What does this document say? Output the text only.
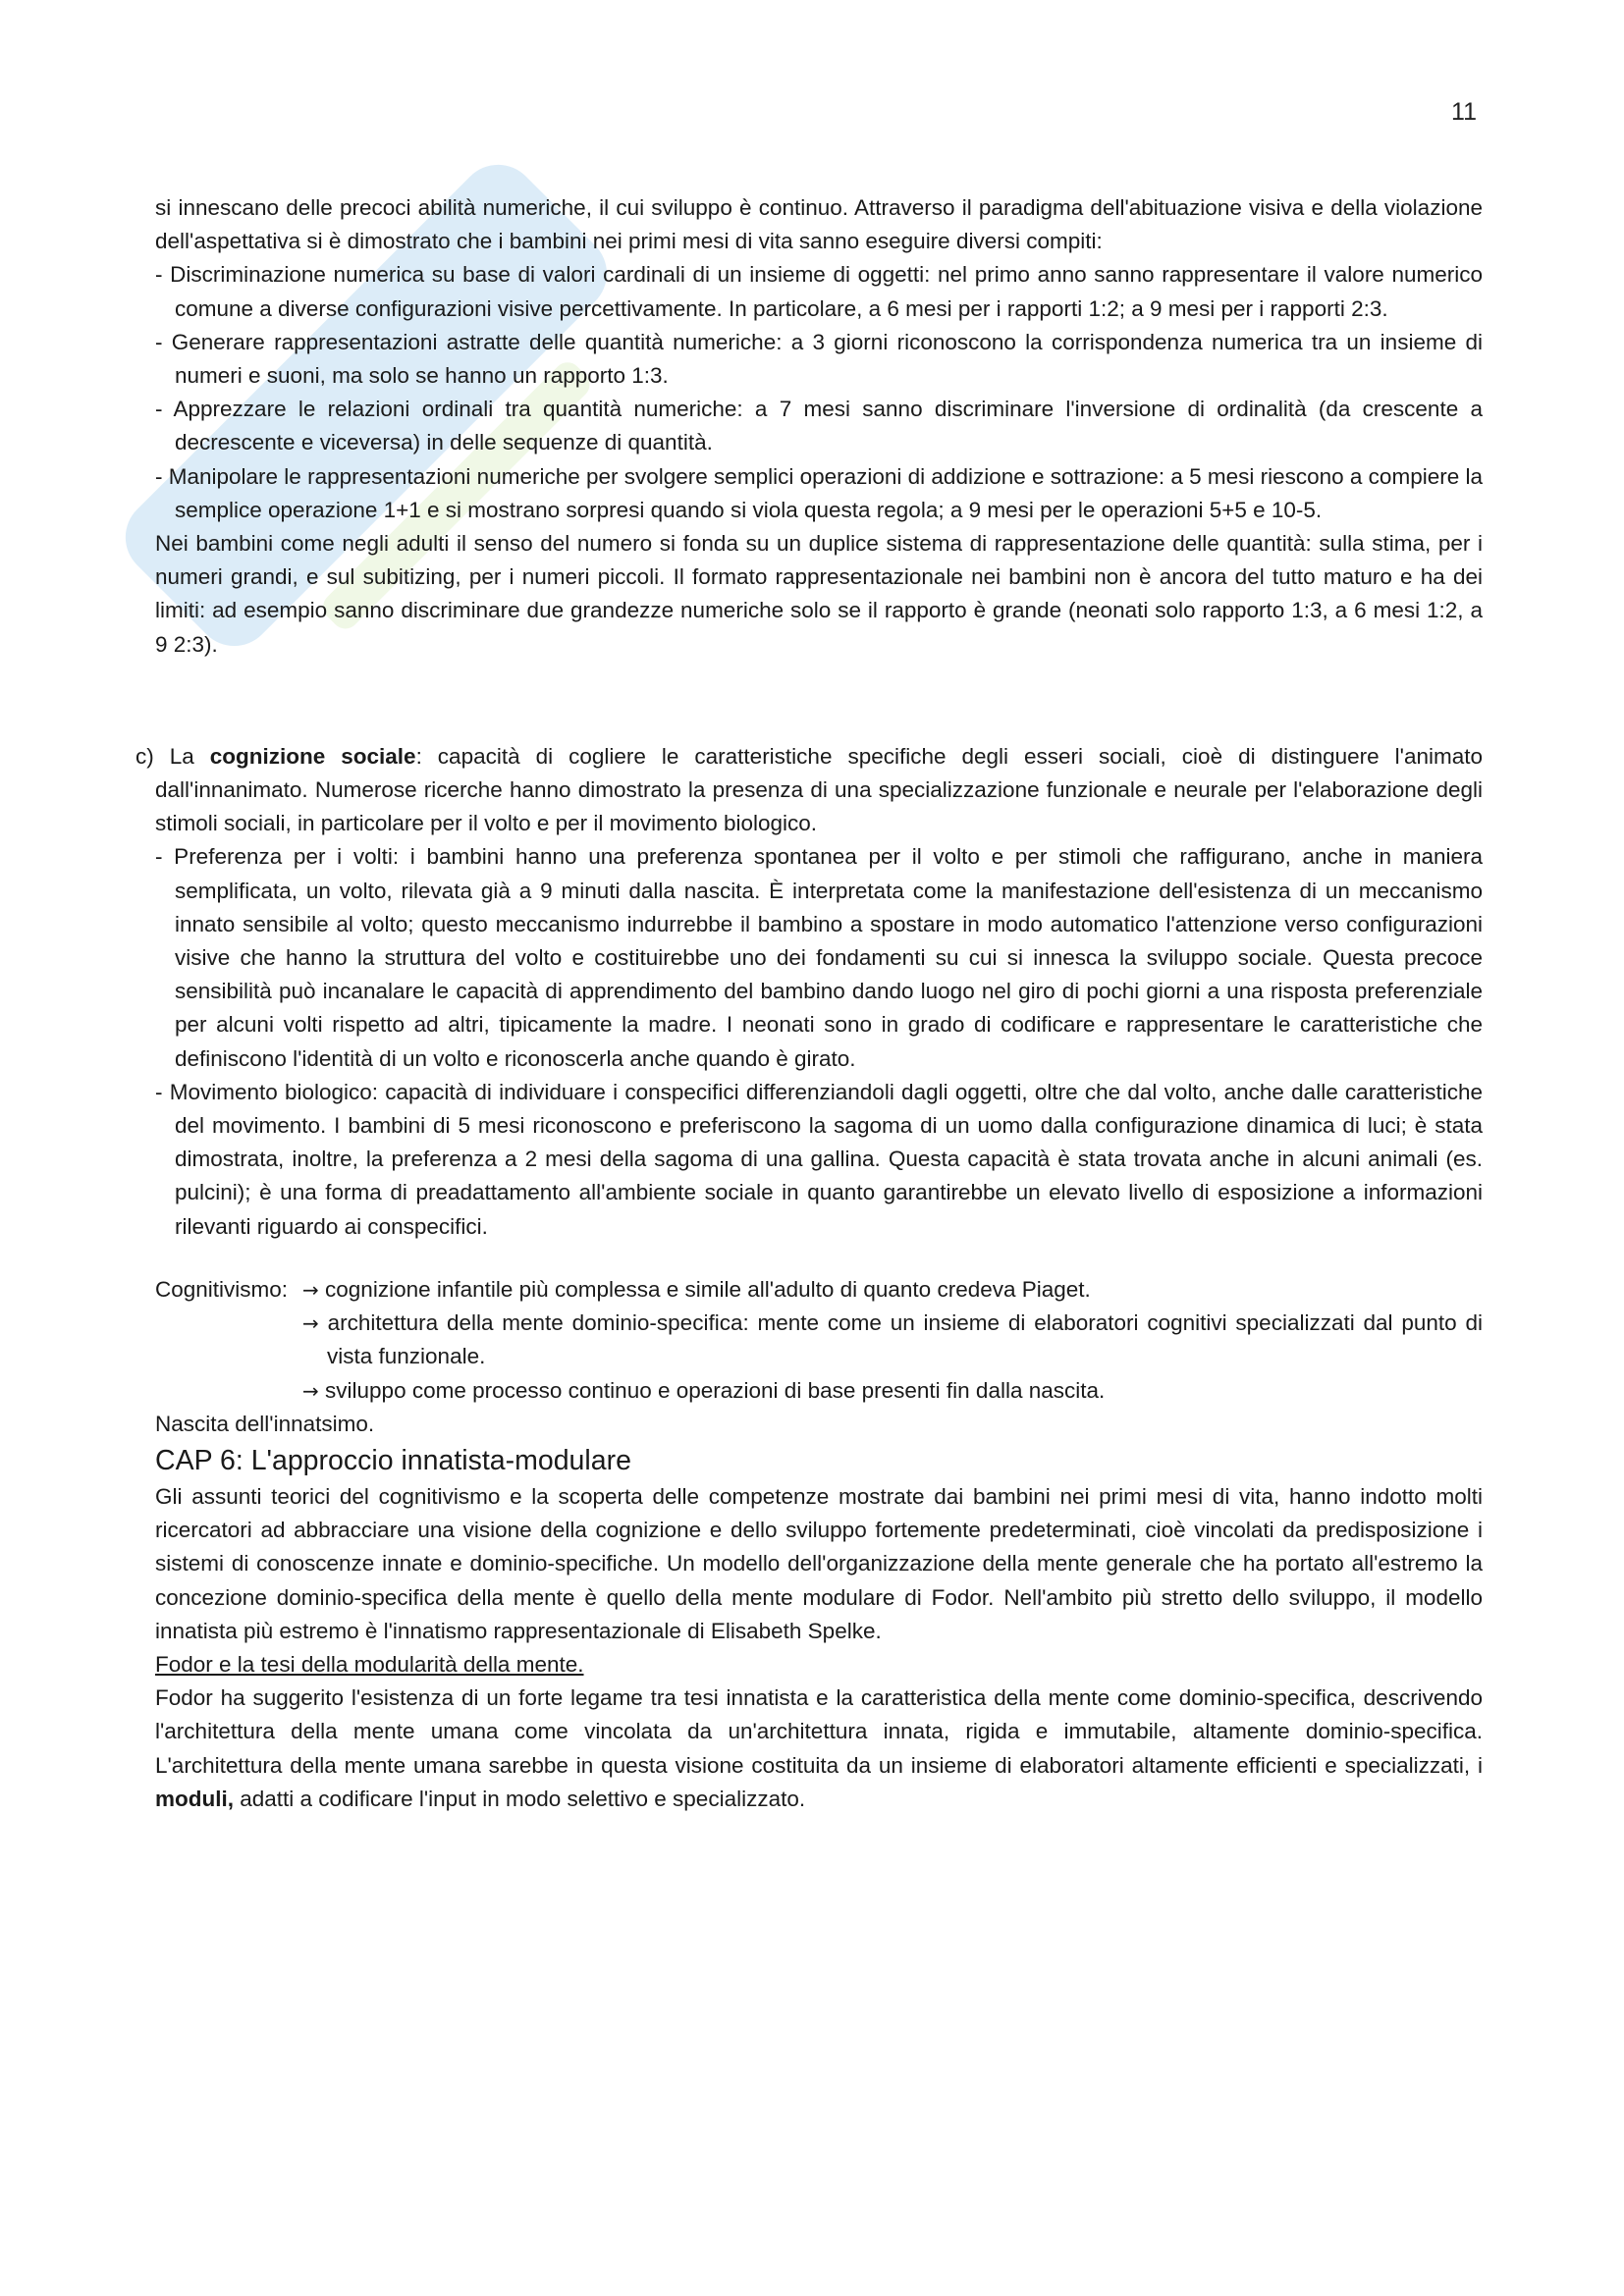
11

si innescano delle precoci abilità numeriche, il cui sviluppo è continuo. Attraverso il paradigma dell'abituazione visiva e della violazione dell'aspettativa si è dimostrato che i bambini nei primi mesi di vita sanno eseguire diversi compiti:

- Discriminazione numerica su base di valori cardinali di un insieme di oggetti: nel primo anno sanno rappresentare il valore numerico comune a diverse configurazioni visive percettivamente. In particolare, a 6 mesi per i rapporti 1:2; a 9 mesi per i rapporti 2:3.

- Generare rappresentazioni astratte delle quantità numeriche: a 3 giorni riconoscono la corrispondenza numerica tra un insieme di numeri e suoni, ma solo se hanno un rapporto 1:3.

- Apprezzare le relazioni ordinali tra quantità numeriche: a 7 mesi sanno discriminare l'inversione di ordinalità (da crescente a decrescente e viceversa) in delle sequenze di quantità.

- Manipolare le rappresentazioni numeriche per svolgere semplici operazioni di addizione e sottrazione: a 5 mesi riescono a compiere la semplice operazione 1+1 e si mostrano sorpresi quando si viola questa regola; a 9 mesi per le operazioni 5+5 e 10-5.

Nei bambini come negli adulti il senso del numero si fonda su un duplice sistema di rappresentazione delle quantità: sulla stima, per i numeri grandi, e sul subitizing, per i numeri piccoli. Il formato rappresentazionale nei bambini non è ancora del tutto maturo e ha dei limiti: ad esempio sanno discriminare due grandezze numeriche solo se il rapporto è grande (neonati solo rapporto 1:3, a 6 mesi 1:2, a 9 2:3).

c) La cognizione sociale: capacità di cogliere le caratteristiche specifiche degli esseri sociali, cioè di distinguere l'animato dall'innanimato. Numerose ricerche hanno dimostrato la presenza di una specializzazione funzionale e neurale per l'elaborazione degli stimoli sociali, in particolare per il volto e per il movimento biologico.

- Preferenza per i volti: i bambini hanno una preferenza spontanea per il volto e per stimoli che raffigurano, anche in maniera semplificata, un volto, rilevata già a 9 minuti dalla nascita. È interpretata come la manifestazione dell'esistenza di un meccanismo innato sensibile al volto; questo meccanismo indurrebbe il bambino a spostare in modo automatico l'attenzione verso configurazioni visive che hanno la struttura del volto e costituirebbe uno dei fondamenti su cui si innesca la sviluppo sociale. Questa precoce sensibilità può incanalare le capacità di apprendimento del bambino dando luogo nel giro di pochi giorni a una risposta preferenziale per alcuni volti rispetto ad altri, tipicamente la madre. I neonati sono in grado di codificare e rappresentare le caratteristiche che definiscono l'identità di un volto e riconoscerla anche quando è girato.

- Movimento biologico: capacità di individuare i conspecifici differenziandoli dagli oggetti, oltre che dal volto, anche dalle caratteristiche del movimento. I bambini di 5 mesi riconoscono e preferiscono la sagoma di un uomo dalla configurazione dinamica di luci; è stata dimostrata, inoltre, la preferenza a 2 mesi della sagoma di una gallina. Questa capacità è stata trovata anche in alcuni animali (es. pulcini); è una forma di preadattamento all'ambiente sociale in quanto garantirebbe un elevato livello di esposizione a informazioni rilevanti riguardo ai conspecifici.

Cognitivismo: → cognizione infantile più complessa e simile all'adulto di quanto credeva Piaget.

→ architettura della mente dominio-specifica: mente come un insieme di elaboratori cognitivi specializzati dal punto di vista funzionale.

→ sviluppo come processo continuo e operazioni di base presenti fin dalla nascita.

Nascita dell'innatsimo.

CAP 6: L'approccio innatista-modulare

Gli assunti teorici del cognitivismo e la scoperta delle competenze mostrate dai bambini nei primi mesi di vita, hanno indotto molti ricercatori ad abbracciare una visione della cognizione e dello sviluppo fortemente predeterminati, cioè vincolati da predisposizione i sistemi di conoscenze innate e dominio-specifiche. Un modello dell'organizzazione della mente generale che ha portato all'estremo la concezione dominio-specifica della mente è quello della mente modulare di Fodor. Nell'ambito più stretto dello sviluppo, il modello innatista più estremo è l'innatismo rappresentazionale di Elisabeth Spelke.

Fodor e la tesi della modularità della mente.

Fodor ha suggerito l'esistenza di un forte legame tra tesi innatista e la caratteristica della mente come dominio-specifica, descrivendo l'architettura della mente umana come vincolata da un'architettura innata, rigida e immutabile, altamente dominio-specifica. L'architettura della mente umana sarebbe in questa visione costituita da un insieme di elaboratori altamente efficienti e specializzati, i moduli, adatti a codificare l'input in modo selettivo e specializzato.
